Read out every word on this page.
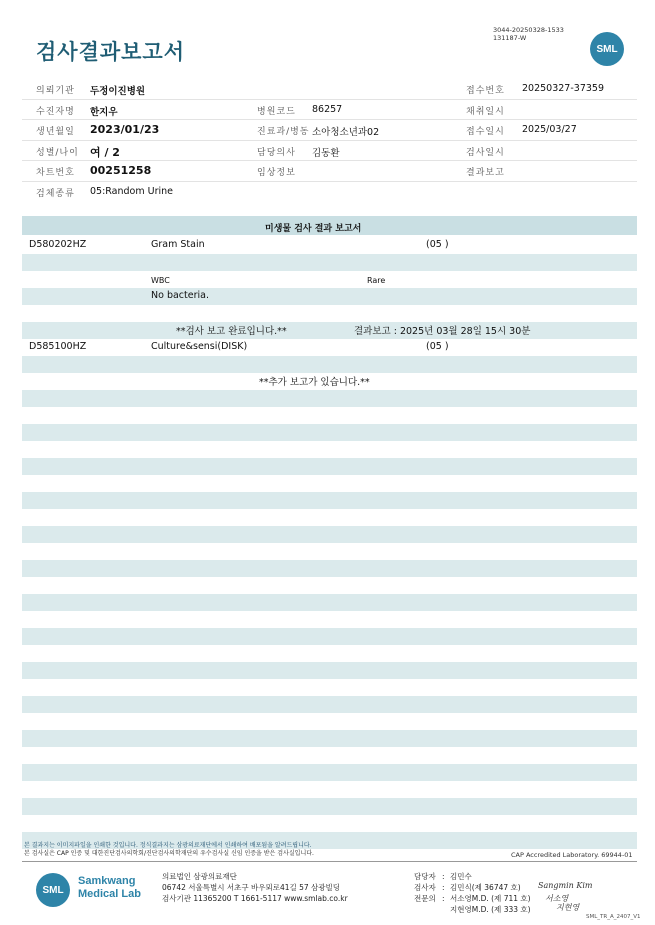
검사결과보고서
3044-20250328-1533
131187-W
SML
의뢰기관 두정이진병원	접수번호 20250327-37359
수진자명 한지우	병원코드 86257	채취일시
생년월일 2023/01/23	진료과/병동 소아청소년과02	접수일시 2025/03/27
성별/나이 여 / 2	담당의사 김동환	검사일시
차트번호 00251258	임상정보	결과보고
검체종류 05:Random Urine
미생물 검사 결과 보고서
D580202HZ	Gram Stain	(05 )
WBC	Rare
No bacteria.
**검사 보고 완료입니다.**	결과보고 : 2025년 03월 28일 15시 30분
D585100HZ	Culture&sensi(DISK)	(05 )
**추가 보고가 있습니다.**
본 결과지는 이미지파일을 인쇄한 것입니다. 정식결과지는 삼광의료재단에서 인쇄하여 배포됨을 알려드립니다.
본 검사실은 CAP 인증 및 대한진단검사의학회/진단검사의학재단의 우수검사실 신임 인증을 받은 검사실입니다.	CAP Accredited Laboratory. 69944-01
SML
Samkwang
Medical Lab
의료법인 삼광의료재단
06742 서울특별시 서초구 바우뫼로41길 57 삼광빌딩
검사기관 11365200 T 1661-5117 www.smlab.co.kr
담당자 : 김민수
검사자 : 김민식(제 36747 호)
전문의 : 서소영M.D. (제 711 호)
지현영M.D. (제 333 호)
Sangmin Kim
서소영
지현영
SML_TR_A_2407_V1
